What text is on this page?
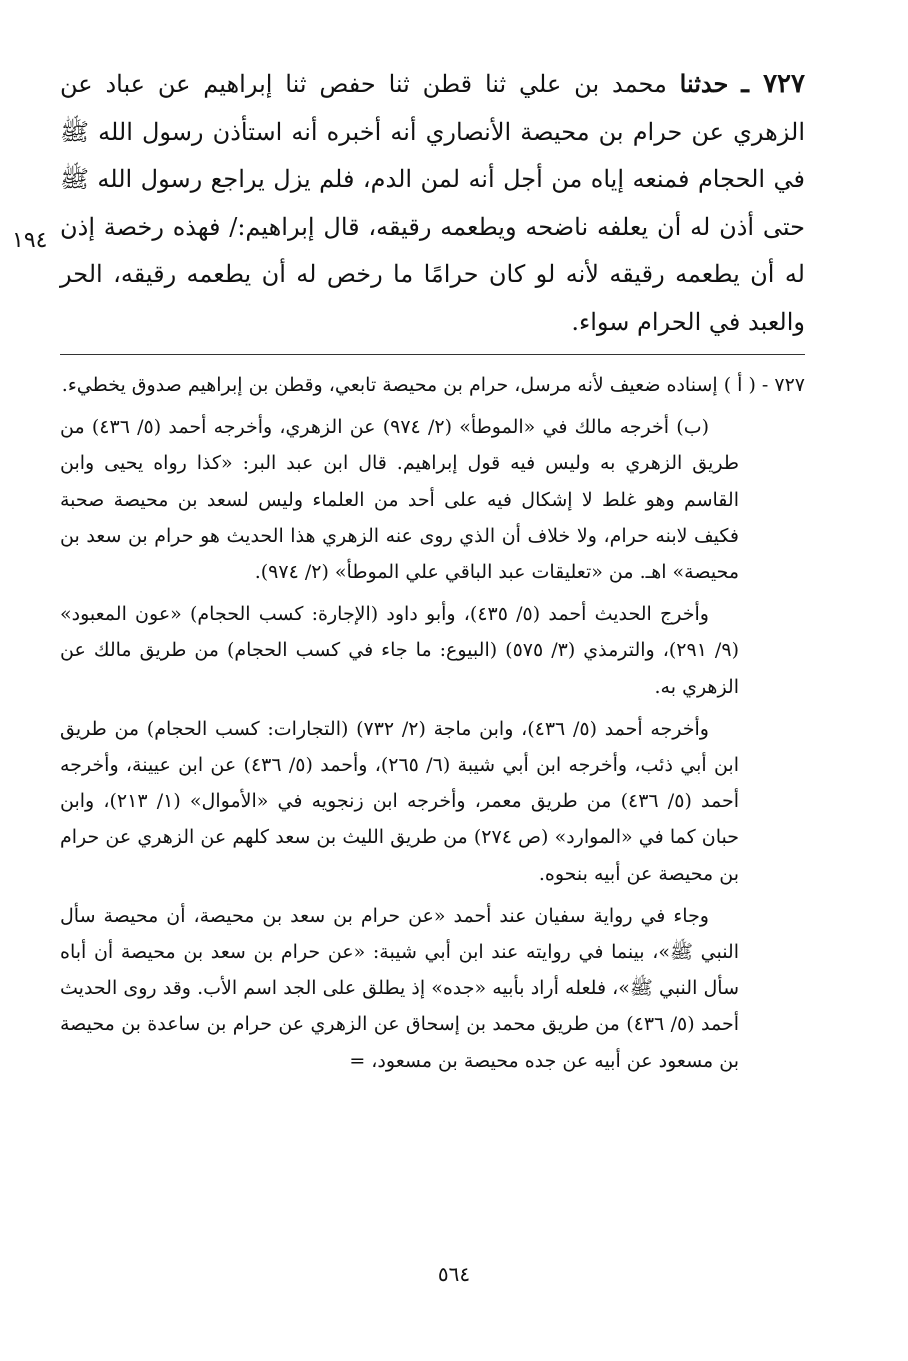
١٩٤

٧٢٧ ـ حدثنا محمد بن علي ثنا قطن ثنا حفص ثنا إبراهيم عن عباد عن الزهري عن حرام بن محيصة الأنصاري أنه أخبره أنه استأذن رسول الله ﷺ في الحجام فمنعه إياه من أجل أنه لمن الدم، فلم يزل يراجع رسول الله ﷺ حتى أذن له أن يعلفه ناضحه ويطعمه رقيقه، قال إبراهيم:/ فهذه رخصة إذن له أن يطعمه رقيقه لأنه لو كان حرامًا ما رخص له أن يطعمه رقيقه، الحر والعبد في الحرام سواء.

٧٢٧ - ( أ ) إسناده ضعيف لأنه مرسل، حرام بن محيصة تابعي، وقطن بن إبراهيم صدوق يخطيء.

(ب) أخرجه مالك في «الموطأ» (٢/ ٩٧٤) عن الزهري، وأخرجه أحمد (٥/ ٤٣٦) من طريق الزهري به وليس فيه قول إبراهيم. قال ابن عبد البر: «كذا رواه يحيى وابن القاسم وهو غلط لا إشكال فيه على أحد من العلماء وليس لسعد بن محيصة صحبة فكيف لابنه حرام، ولا خلاف أن الذي روى عنه الزهري هذا الحديث هو حرام بن سعد بن محيصة» اهـ. من «تعليقات عبد الباقي علي الموطأ» (٢/ ٩٧٤).

وأخرج الحديث أحمد (٥/ ٤٣٥)، وأبو داود (الإجارة: كسب الحجام) «عون المعبود» (٩/ ٢٩١)، والترمذي (٣/ ٥٧٥) (البيوع: ما جاء في كسب الحجام) من طريق مالك عن الزهري به.

وأخرجه أحمد (٥/ ٤٣٦)، وابن ماجة (٢/ ٧٣٢) (التجارات: كسب الحجام) من طريق ابن أبي ذئب، وأخرجه ابن أبي شيبة (٦/ ٢٦٥)، وأحمد (٥/ ٤٣٦) عن ابن عيينة، وأخرجه أحمد (٥/ ٤٣٦) من طريق معمر، وأخرجه ابن زنجويه في «الأموال» (١/ ٢١٣)، وابن حبان كما في «الموارد» (ص ٢٧٤) من طريق الليث بن سعد كلهم عن الزهري عن حرام بن محيصة عن أبيه بنحوه.

وجاء في رواية سفيان عند أحمد «عن حرام بن سعد بن محيصة، أن محيصة سأل النبي ﷺ»، بينما في روايته عند ابن أبي شيبة: «عن حرام بن سعد بن محيصة أن أباه سأل النبي ﷺ»، فلعله أراد بأبيه «جده» إذ يطلق على الجد اسم الأب. وقد روى الحديث أحمد (٥/ ٤٣٦) من طريق محمد بن إسحاق عن الزهري عن حرام بن ساعدة بن محيصة بن مسعود عن أبيه عن جده محيصة بن مسعود، =

٥٦٤
